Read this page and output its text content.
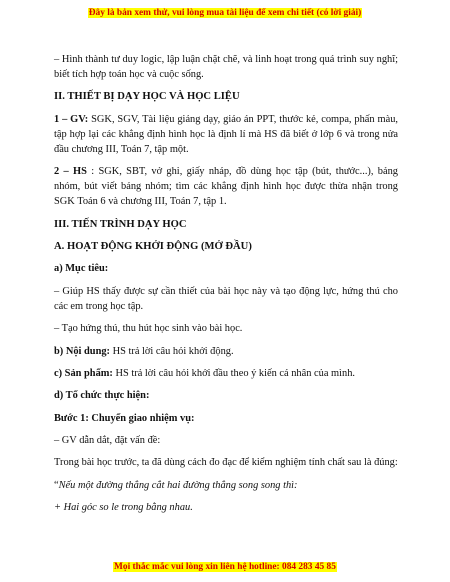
Đây là bản xem thử, vui lòng mua tài liệu để xem chi tiết (có lời giải)

– Hình thành tư duy logic, lập luận chặt chẽ, và linh hoạt trong quá trình suy nghĩ; biết tích hợp toán học và cuộc sống.

II. THIẾT BỊ DẠY HỌC VÀ HỌC LIỆU

1 – GV: SGK, SGV, Tài liệu giảng dạy, giáo án PPT, thước kẻ, compa, phấn màu, tập hợp lại các khẳng định hình học là định lí mà HS đã biết ở lớp 6 và trong nửa đầu chương III, Toán 7, tập một.

2 – HS : SGK, SBT, vở ghi, giấy nháp, đồ dùng học tập (bút, thước...), bảng nhóm, bút viết bảng nhóm; tìm các khẳng định hình học được thừa nhận trong SGK Toán 6 và chương III, Toán 7, tập 1.

III. TIẾN TRÌNH DẠY HỌC

A. HOẠT ĐỘNG KHỞI ĐỘNG (MỞ ĐẦU)

a) Mục tiêu:

– Giúp HS thấy được sự cần thiết của bài học này và tạo động lực, hứng thú cho các em trong học tập.

– Tạo hứng thú, thu hút học sinh vào bài học.

b) Nội dung: HS trả lời câu hỏi khởi động.

c) Sản phẩm: HS trả lời câu hỏi khởi đầu theo ý kiến cá nhân của mình.

d) Tổ chức thực hiện:

Bước 1: Chuyển giao nhiệm vụ:

– GV dẫn dắt, đặt vấn đề:

Trong bài học trước, ta đã dùng cách đo đạc để kiểm nghiệm tính chất sau là đúng:

“Nếu một đường thẳng cắt hai đường thẳng song song thì:

+ Hai góc so le trong bằng nhau.

Mọi thắc mắc vui lòng xin liên hệ hotline: 084 283 45 85
